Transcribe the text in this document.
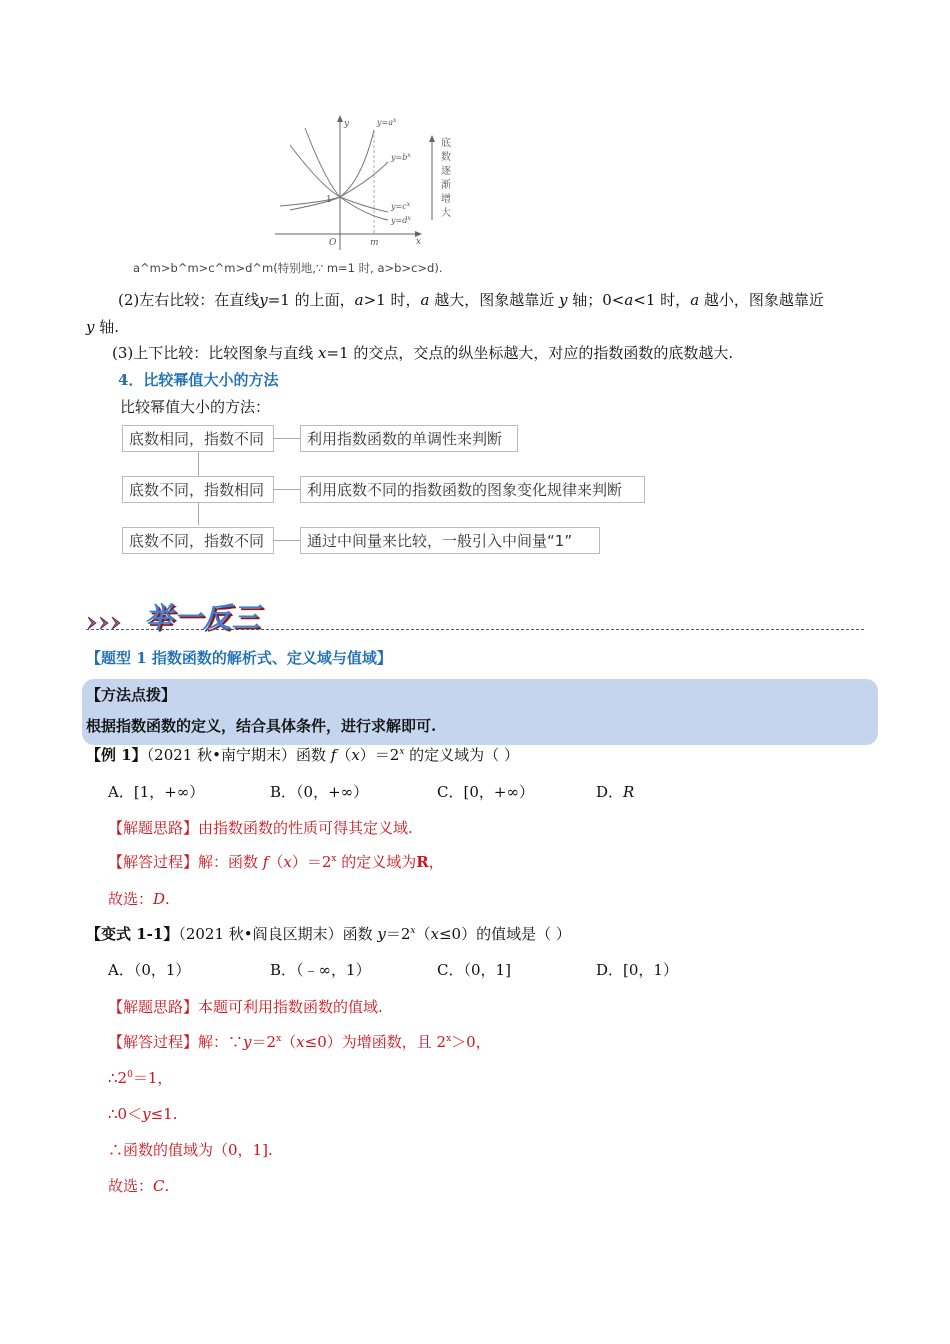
y
x
O	m
1
$y=a^x$
$y=b^x$
$y=c^x$
$y=d^x$
底
数
逐
渐
增
大
a^m>b^m>c^m>d^m(特别地,∵ m=1 时, a>b>c>d).
(2)左右比较：在直线y=1 的上面，a>1 时，a 越大，图象越靠近 y 轴；0<a<1 时，a 越小，图象越靠近
y 轴.
(3)上下比较：比较图象与直线 x=1 的交点，交点的纵坐标越大，对应的指数函数的底数越大.
4．比较幂值大小的方法
比较幂值大小的方法：
底数相同，指数不同	利用指数函数的单调性来判断
底数不同，指数相同	利用底数不同的指数函数的图象变化规律来判断
底数不同，指数不同	通过中间量来比较，一般引入中间量“1”
举一反三
【题型 1 指数函数的解析式、定义域与值域】
【方法点拨】
根据指数函数的定义，结合具体条件，进行求解即可.
【例 1】（2021 秋•南宁期末）函数 $f(x)=2^x$ 的定义域为（ ）
A．[1，+∞）	B．（0，+∞）	C．[0，+∞）	D．R
【解题思路】由指数函数的性质可得其定义域.
【解答过程】解：函数 $f(x)=2^x$ 的定义域为R，
故选：D.
【变式 1-1】（2021 秋•阎良区期末）函数 $y=2^x(x\le 0)$的值域是（ ）
A．（0，1）	B．（﹣∞，1）	C．（0，1]	D．[0，1）
【解题思路】本题可利用指数函数的值域.
【解答过程】解：$\because y=2^x(x\le 0)$为增函数，且 $2^x>0$，
$\therefore 2^0=1$，
∴0＜y≤1.
∴函数的值域为（0，1].
故选：C.
